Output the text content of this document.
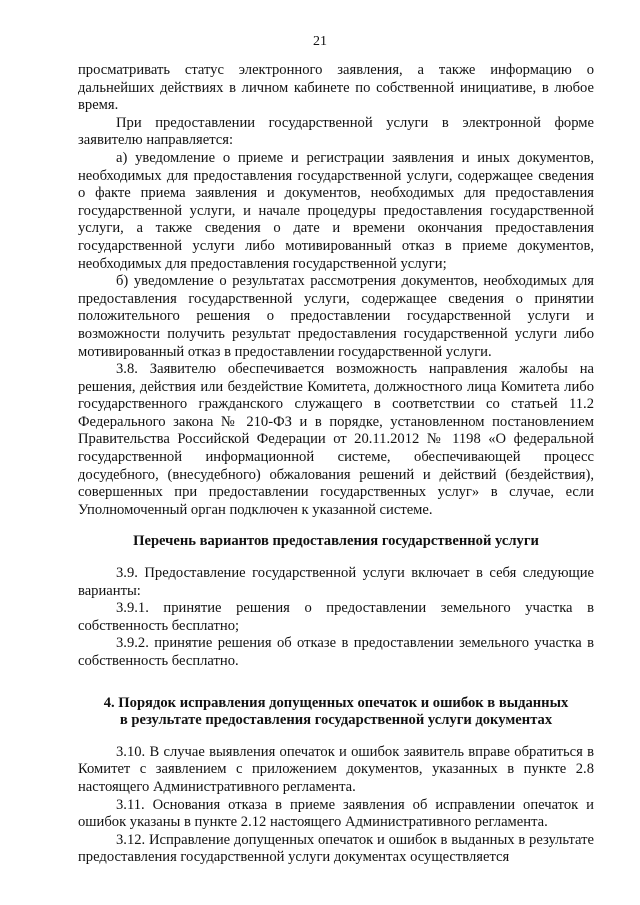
21

просматривать статус электронного заявления, а также информацию о дальнейших действиях в личном кабинете по собственной инициативе, в любое время.

При предоставлении государственной услуги в электронной форме заявителю направляется:

а) уведомление о приеме и регистрации заявления и иных документов, необходимых для предоставления государственной услуги, содержащее сведения о факте приема заявления и документов, необходимых для предоставления государственной услуги, и начале процедуры предоставления государственной услуги, а также сведения о дате и времени окончания предоставления государственной услуги либо мотивированный отказ в приеме документов, необходимых для предоставления государственной услуги;

б) уведомление о результатах рассмотрения документов, необходимых для предоставления государственной услуги, содержащее сведения о принятии положительного решения о предоставлении государственной услуги и возможности получить результат предоставления государственной услуги либо мотивированный отказ в предоставлении государственной услуги.

3.8. Заявителю обеспечивается возможность направления жалобы на решения, действия или бездействие Комитета, должностного лица Комитета либо государственного гражданского служащего в соответствии со статьей 11.2 Федерального закона № 210-ФЗ и в порядке, установленном постановлением Правительства Российской Федерации от 20.11.2012 № 1198 «О федеральной государственной информационной системе, обеспечивающей процесс досудебного, (внесудебного) обжалования решений и действий (бездействия), совершенных при предоставлении государственных услуг» в случае, если Уполномоченный орган подключен к указанной системе.

Перечень вариантов предоставления государственной услуги

3.9. Предоставление государственной услуги включает в себя следующие варианты:

3.9.1. принятие решения о предоставлении земельного участка в собственность бесплатно;

3.9.2. принятие решения об отказе в предоставлении земельного участка в собственность бесплатно.

4. Порядок исправления допущенных опечаток и ошибок в выданных

в результате предоставления государственной услуги документах

3.10. В случае выявления опечаток и ошибок заявитель вправе обратиться в Комитет с заявлением с приложением документов, указанных в пункте 2.8 настоящего Административного регламента.

3.11. Основания отказа в приеме заявления об исправлении опечаток и ошибок указаны в пункте 2.12 настоящего Административного регламента.

3.12. Исправление допущенных опечаток и ошибок в выданных в результате предоставления государственной услуги документах осуществляется
